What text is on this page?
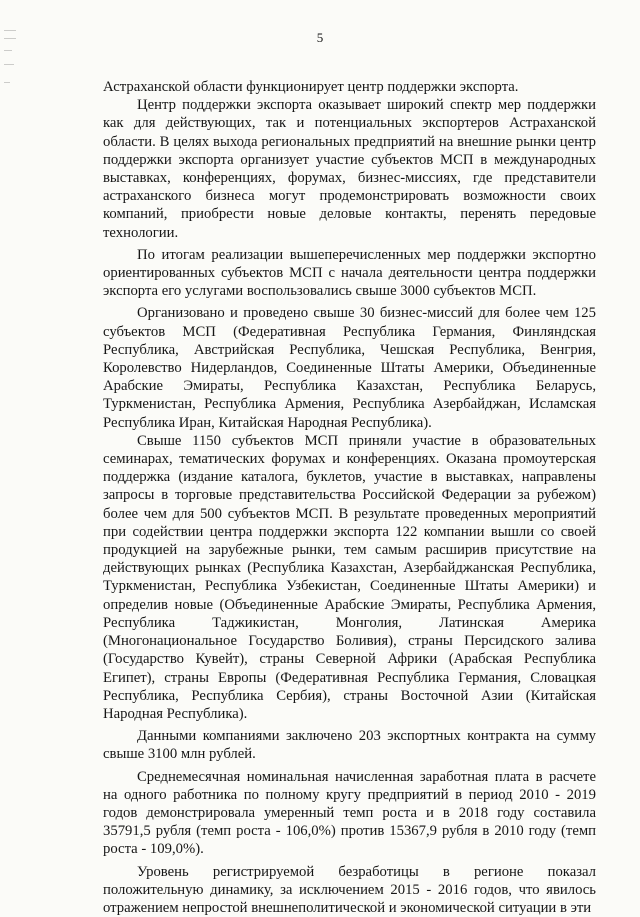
5

Астраханской области функционирует центр поддержки экспорта.

Центр поддержки экспорта оказывает широкий спектр мер поддержки как для действующих, так и потенциальных экспортеров Астраханской области. В целях выхода региональных предприятий на внешние рынки центр поддержки экспорта организует участие субъектов МСП в международных выставках, конференциях, форумах, бизнес-миссиях, где представители астраханского бизнеса могут продемонстрировать возможности своих компаний, приобрести новые деловые контакты, перенять передовые технологии.

По итогам реализации вышеперечисленных мер поддержки экспортно ориентированных субъектов МСП с начала деятельности центра поддержки экспорта его услугами воспользовались свыше 3000 субъектов МСП.

Организовано и проведено свыше 30 бизнес-миссий для более чем 125 субъектов МСП (Федеративная Республика Германия, Финляндская Республика, Австрийская Республика, Чешская Республика, Венгрия, Королевство Нидерландов, Соединенные Штаты Америки, Объединенные Арабские Эмираты, Республика Казахстан, Республика Беларусь, Туркменистан, Республика Армения, Республика Азербайджан, Исламская Республика Иран, Китайская Народная Республика).

Свыше 1150 субъектов МСП приняли участие в образовательных семинарах, тематических форумах и конференциях. Оказана промоутерская поддержка (издание каталога, буклетов, участие в выставках, направлены запросы в торговые представительства Российской Федерации за рубежом) более чем для 500 субъектов МСП. В результате проведенных мероприятий при содействии центра поддержки экспорта 122 компании вышли со своей продукцией на зарубежные рынки, тем самым расширив присутствие на действующих рынках (Республика Казахстан, Азербайджанская Республика, Туркменистан, Республика Узбекистан, Соединенные Штаты Америки) и определив новые (Объединенные Арабские Эмираты, Республика Армения, Республика Таджикистан, Монголия, Латинская Америка (Многонациональное Государство Боливия), страны Персидского залива (Государство Кувейт), страны Северной Африки (Арабская Республика Египет), страны Европы (Федеративная Республика Германия, Словацкая Республика, Республика Сербия), страны Восточной Азии (Китайская Народная Республика).

Данными компаниями заключено 203 экспортных контракта на сумму свыше 3100 млн рублей.

Среднемесячная номинальная начисленная заработная плата в расчете на одного работника по полному кругу предприятий в период 2010 - 2019 годов демонстрировала умеренный темп роста и в 2018 году составила 35791,5 рубля (темп роста - 106,0%) против 15367,9 рубля в 2010 году (темп роста - 109,0%).

Уровень регистрируемой безработицы в регионе показал положительную динамику, за исключением 2015 - 2016 годов, что явилось отражением непростой внешнеполитической и экономической ситуации в эти
